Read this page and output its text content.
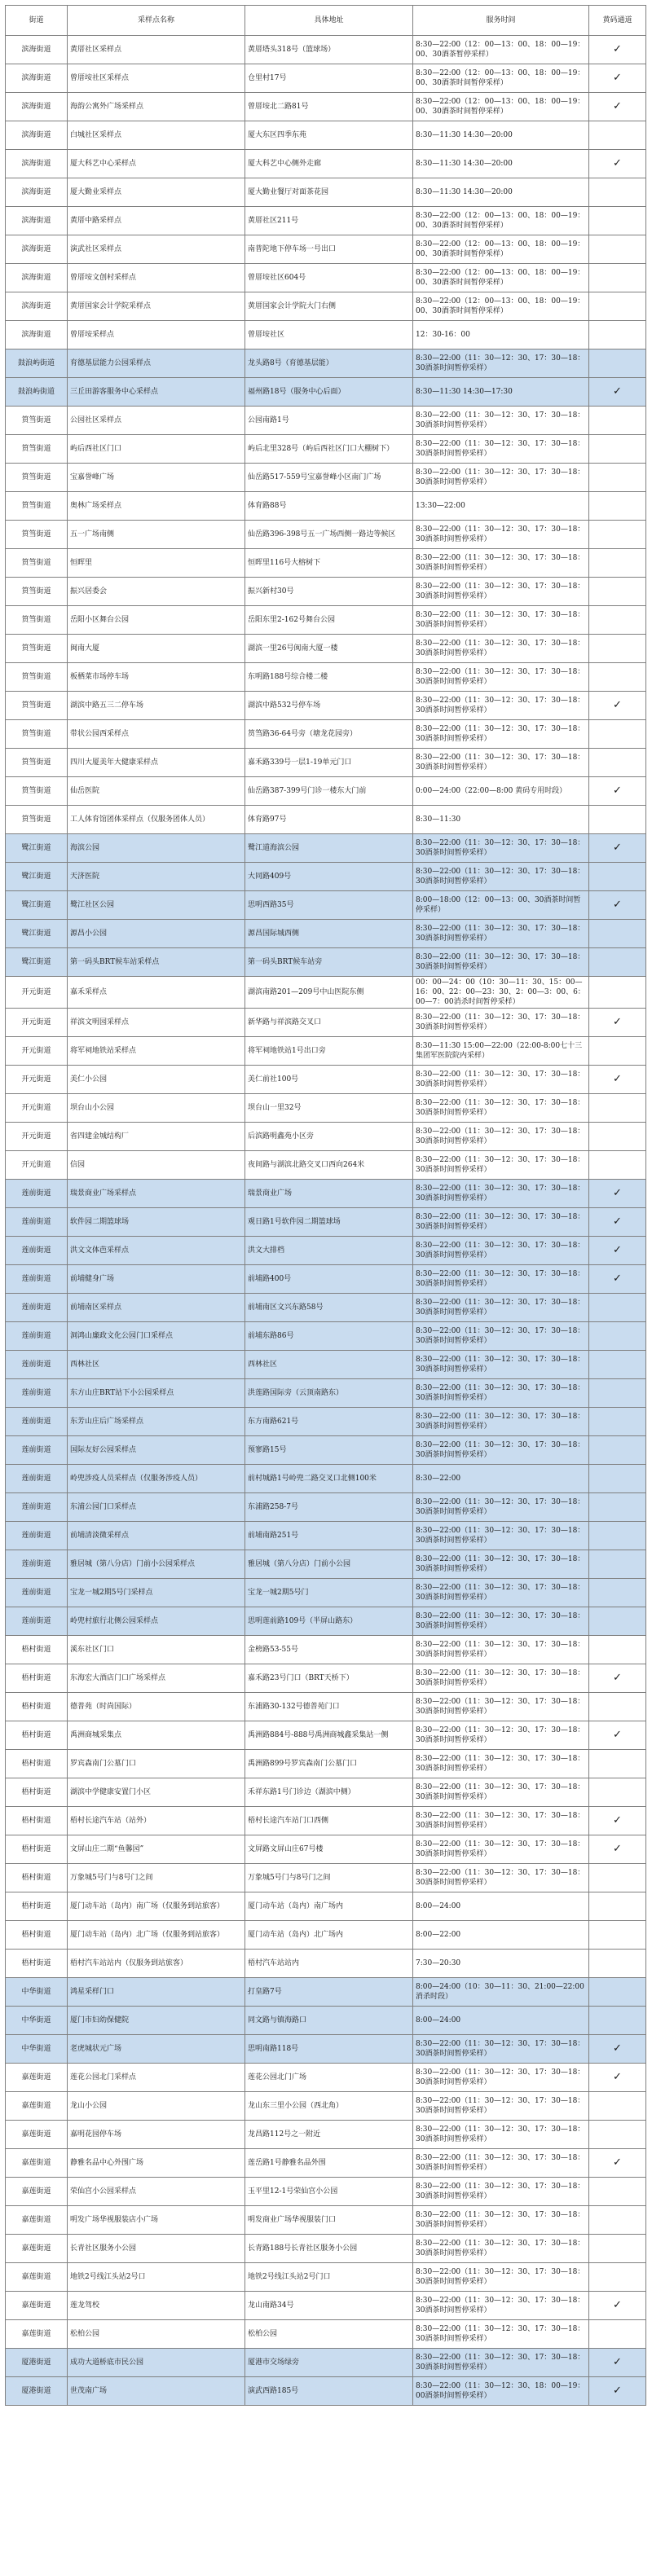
街道	采样点名称	具体地址	服务时间	黄码通道
滨海街道	黄厝社区采样点	黄厝塔头318号（篮球场）	8:30—22:00（12：00—13：00、18：00—19：00、30酒茶暂停采样）	✓
滨海街道	曾厝垵社区采样点	仓里村17号	8:30—22:00（12：00—13：00、18：00—19：00、30酒茶时间暂停采样）	✓
滨海街道	海韵公寓外广场采样点	曾厝垵北二路81号	8:30—22:00（12：00—13：00、18：00—19：00、30酒茶时间暂停采样）	✓
滨海街道	白城社区采样点	厦大东区四季东苑	8:30—11:30 14:30—20:00	
滨海街道	厦大科艺中心采样点	厦大科艺中心侧外走廊	8:30—11:30 14:30—20:00	✓
滨海街道	厦大勤业采样点	厦大勤业餐厅对面茶花园	8:30—11:30 14:30—20:00	
滨海街道	黄厝中路采样点	黄厝社区211号	8:30—22:00（12：00—13：00、18：00—19：00、30酒茶时间暂停采样）	
滨海街道	演武社区采样点	南普陀地下停车场一号出口	8:30—22:00（12：00—13：00、18：00—19：00、30酒茶时间暂停采样）	
滨海街道	曾厝垵文创村采样点	曾厝垵社区604号	8:30—22:00（12：00—13：00、18：00—19：00、30酒茶时间暂停采样）	
滨海街道	黄厝国家会计学院采样点	黄厝国家会计学院大门右侧	8:30—22:00（12：00—13：00、18：00—19：00、30酒茶时间暂停采样）	
滨海街道	曾厝垵采样点	曾厝垵社区	12：30-16：00	
鼓浪屿街道	育德基层能力公园采样点	龙头路8号（育德基层能）	8:30—22:00（11：30—12：30、17：30—18：30酒茶时间暂停采样）	
鼓浪屿街道	三丘田游客服务中心采样点	福州路18号（服务中心后面）	8:30—11:30 14:30—17:30	✓
筼筜街道	公园社区采样点	公园南路1号	8:30—22:00（11：30—12：30、17：30—18：30酒茶时间暂停采样）	
筼筜街道	屿后西社区门口	屿后北里328号（屿后西社区门口大棚树下）	8:30—22:00（11：30—12：30、17：30—18：30酒茶时间暂停采样）	
筼筜街道	宝嘉誉峰广场	仙岳路517-559号宝嘉誉峰小区南门广场	8:30—22:00（11：30—12：30、17：30—18：30酒茶时间暂停采样）	
筼筜街道	奥林广场采样点	体育路88号	13:30—22:00	
筼筜街道	五一广场南侧	仙岳路396-398号五一广场西侧一路边等候区	8:30—22:00（11：30—12：30、17：30—18：30酒茶时间暂停采样）	
筼筜街道	恒晖里	恒晖里116号大榕树下	8:30—22:00（11：30—12：30、17：30—18：30酒茶时间暂停采样）	
筼筜街道	振兴居委会	振兴新村30号	8:30—22:00（11：30—12：30、17：30—18：30酒茶时间暂停采样）	
筼筜街道	岳阳小区舞台公园	岳阳东里2-162号舞台公园	8:30—22:00（11：30—12：30、17：30—18：30酒茶时间暂停采样）	
筼筜街道	闽南大厦	湖滨一里26号闽南大厦一楼	8:30—22:00（11：30—12：30、17：30—18：30酒茶时间暂停采样）	
筼筜街道	板栖菜市场停车场	东明路188号综合楼二楼	8:30—22:00（11：30—12：30、17：30—18：30酒茶时间暂停采样）	
筼筜街道	湖滨中路五三二停车场	湖滨中路532号停车场	8:30—22:00（11：30—12：30、17：30—18：30酒茶时间暂停采样）	✓
筼筜街道	带状公园西采样点	筼筜路36-64号旁（塘龙花园旁）	8:30—22:00（11：30—12：30、17：30—18：30酒茶时间暂停采样）	
筼筜街道	四川大厦美年大健康采样点	嘉禾路339号一层1-19单元门口	8:30—22:00（11：30—12：30、17：30—18：30酒茶时间暂停采样）	
筼筜街道	仙岳医院	仙岳路387-399号门诊一楼东大门前	0:00—24:00（22:00—8:00 黄码专用时段）	✓
筼筜街道	工人体育馆团体采样点（仅服务团体人员）	体育路97号	8:30—11:30	
鹭江街道	海滨公园	鹭江道海滨公园	8:30—22:00（11：30—12：30、17：30—18：30酒茶时间暂停采样）	✓
鹭江街道	天济医院	大同路409号	8:30—22:00（11：30—12：30、17：30—18：30酒茶时间暂停采样）	
鹭江街道	鹭江社区公园	思明西路35号	8:00—18:00（12：00—13：00、30酒茶时间暂停采样）	✓
鹭江街道	源昌小公园	源昌国际城西侧	8:30—22:00（11：30—12：30、17：30—18：30酒茶时间暂停采样）	
鹭江街道	第一码头BRT候车站采样点	第一码头BRT候车站旁	8:30—22:00（11：30—12：30、17：30—18：30酒茶时间暂停采样）	
开元街道	嘉禾采样点	湖滨南路201—209号中山医院东侧	00：00—24：00（10：30—11：30、15：00—16：00、22：00—23：30、2：00—3：00、6：00—7：00消杀时间暂停采样）	
开元街道	祥滨文明园采样点	新华路与祥滨路交叉口	8:30—22:00（11：30—12：30、17：30—18：30酒茶时间暂停采样）	✓
开元街道	将军祠地铁站采样点	将军祠地铁站1号出口旁	8:30—11:30 15:00—22:00（22:00-8:00七十三集团军医院院内采样）	
开元街道	美仁小公园	美仁前社100号	8:30—22:00（11：30—12：30、17：30—18：30酒茶时间暂停采样）	✓
开元街道	坝台山小公园	坝台山一里32号	8:30—22:00（11：30—12：30、17：30—18：30酒茶时间暂停采样）	
开元街道	省四建金城结构厂	后滨路明鑫苑小区旁	8:30—22:00（11：30—12：30、17：30—18：30酒茶时间暂停采样）	
开元街道	信园	夜间路与湖滨北路交叉口西向264米	8:30—22:00（11：30—12：30、17：30—18：30酒茶时间暂停采样）	
莲前街道	瑞景商业广场采样点	瑞景商业广场	8:30—22:00（11：30—12：30、17：30—18：30酒茶时间暂停采样）	✓
莲前街道	软件园二期篮球场	观日路1号软件园二期篮球场	8:30—22:00（11：30—12：30、17：30—18：30酒茶时间暂停采样）	✓
莲前街道	洪文文体芭采样点	洪文大排档	8:30—22:00（11：30—12：30、17：30—18：30酒茶时间暂停采样）	✓
莲前街道	前埔健身广场	前埔路400号	8:30—22:00（11：30—12：30、17：30—18：30酒茶时间暂停采样）	✓
莲前街道	前埔南区采样点	前埔南区文兴东路58号	8:30—22:00（11：30—12：30、17：30—18：30酒茶时间暂停采样）	
莲前街道	洞鸿山廉政文化公园门口采样点	前埔东路86号	8:30—22:00（11：30—12：30、17：30—18：30酒茶时间暂停采样）	
莲前街道	西林社区	西林社区	8:30—22:00（11：30—12：30、17：30—18：30酒茶时间暂停采样）	
莲前街道	东方山庄BRT站下小公园采样点	洪莲路国际旁（云顶南路东）	8:30—22:00（11：30—12：30、17：30—18：30酒茶时间暂停采样）	
莲前街道	东芳山庄后广场采样点	东方南路621号	8:30—22:00（11：30—12：30、17：30—18：30酒茶时间暂停采样）	
莲前街道	国际友好公园采样点	预寥路15号	8:30—22:00（11：30—12：30、17：30—18：30酒茶时间暂停采样）	
莲前街道	岭兜涉疫人员采样点（仅服务涉疫人员）	前村城路1号岭兜二路交叉口北侧100米	8:30—22:00	
莲前街道	东浦公园门口采样点	东浦路258-7号	8:30—22:00（11：30—12：30、17：30—18：30酒茶时间暂停采样）	
莲前街道	前埔清淡微采样点	前埔南路251号	8:30—22:00（11：30—12：30、17：30—18：30酒茶时间暂停采样）	
莲前街道	雅居城（第八分店）门前小公园采样点	雅居城（第八分店）门前小公园	8:30—22:00（11：30—12：30、17：30—18：30酒茶时间暂停采样）	
莲前街道	宝龙一城2期5号门采样点	宝龙一城2期5号门	8:30—22:00（11：30—12：30、17：30—18：30酒茶时间暂停采样）	
莲前街道	岭兜村旅行北侧公园采样点	思明莲前路109号（半屏山路东）	8:30—22:00（11：30—12：30、17：30—18：30酒茶时间暂停采样）	
梧村街道	溪东社区门口	金榜路53-55号	8:30—22:00（11：30—12：30、17：30—18：30酒茶时间暂停采样）	
梧村街道	东海宏大酒店门口广场采样点	嘉禾路23号门口（BRT天桥下）	8:30—22:00（11：30—12：30、17：30—18：30酒茶时间暂停采样）	✓
梧村街道	德普苑（时尚国际）	东浦路30-132号德普苑门口	8:30—22:00（11：30—12：30、17：30—18：30酒茶时间暂停采样）	
梧村街道	禹洲商城采集点	禹洲路884号-888号禹洲商城鑫采集站一侧	8:30—22:00（11：30—12：30、17：30—18：30酒茶时间暂停采样）	✓
梧村街道	罗宾森南门公墓门口	禹洲路899号罗宾森南门公墓门口	8:30—22:00（11：30—12：30、17：30—18：30酒茶时间暂停采样）	
梧村街道	湖滨中学健康安置门小区	禾祥东路1号门诊边（湖滨中侧）	8:30—22:00（11：30—12：30、17：30—18：30酒茶时间暂停采样）	
梧村街道	梧村长途汽车站（站外）	梧村长途汽车站门口西侧	8:30—22:00（11：30—12：30、17：30—18：30酒茶时间暂停采样）	✓
梧村街道	文屏山庄二期“鱼馨园”	文屏路文屏山庄67号楼	8:30—22:00（11：30—12：30、17：30—18：30酒茶时间暂停采样）	✓
梧村街道	万象城5号门与8号门之间	万象城5号门与8号门之间	8:30—22:00（11：30—12：30、17：30—18：30酒茶时间暂停采样）	
梧村街道	厦门动车站（岛内）南广场（仅服务到站旅客）	厦门动车站（岛内）南广场内	8:00—24:00	
梧村街道	厦门动车站（岛内）北广场（仅服务到站旅客）	厦门动车站（岛内）北广场内	8:00—22:00	
梧村街道	梧村汽车站站内（仅服务到站旅客）	梧村汽车站站内	7:30—20:30	
中华街道	鸿星采样门口	打皇路7号	8:00—24:00（10：30—11：30、21:00—22:00消杀时段）	
中华街道	厦门市妇幼保健院	同文路与镇海路口	8:00—24:00	
中华街道	老虎城状元广场	思明南路118号	8:30—22:00（11：30—12：30、17：30—18：30酒茶时间暂停采样）	✓
嘉莲街道	莲花公园北门采样点	莲花公园北门广场	8:30—22:00（11：30—12：30、17：30—18：30酒茶时间暂停采样）	✓
嘉莲街道	龙山小公园	龙山东三里小公园（西北角）	8:30—22:00（11：30—12：30、17：30—18：30酒茶时间暂停采样）	
嘉莲街道	嘉明花园停车场	龙昌路112号之一附近	8:30—22:00（11：30—12：30、17：30—18：30酒茶时间暂停采样）	
嘉莲街道	静雅名品中心外围广场	莲岳路1号静雅名品外围	8:30—22:00（11：30—12：30、17：30—18：30酒茶时间暂停采样）	✓
嘉莲街道	荣仙宫小公园采样点	玉平里12-1号荣仙宫小公园	8:30—22:00（11：30—12：30、17：30—18：30酒茶时间暂停采样）	
嘉莲街道	明发广场华视服装店小广场	明发商业广场华视服装门口	8:30—22:00（11：30—12：30、17：30—18：30酒茶时间暂停采样）	
嘉莲街道	长青社区服务小公园	长青路188号长青社区服务小公园	8:30—22:00（11：30—12：30、17：30—18：30酒茶时间暂停采样）	
嘉莲街道	地铁2号线江头站2号口	地铁2号线江头站2号门口	8:30—22:00（11：30—12：30、17：30—18：30酒茶时间暂停采样）	
嘉莲街道	莲龙驾校	龙山南路34号	8:30—22:00（11：30—12：30、17：30—18：30酒茶时间暂停采样）	✓
嘉莲街道	松柏公园	松柏公园	8:30—22:00（11：30—12：30、17：30—18：30酒茶时间暂停采样）	
厦港街道	成功大道桥底市民公园	厦港市交场绿旁	8:30—22:00（11：30—12：30、17：30—18：30酒茶时间暂停采样）	✓
厦港街道	世茂南广场	演武西路185号	8:30—22:00（11：30—12：30、18：00—19：00酒茶时间暂停采样）	✓
